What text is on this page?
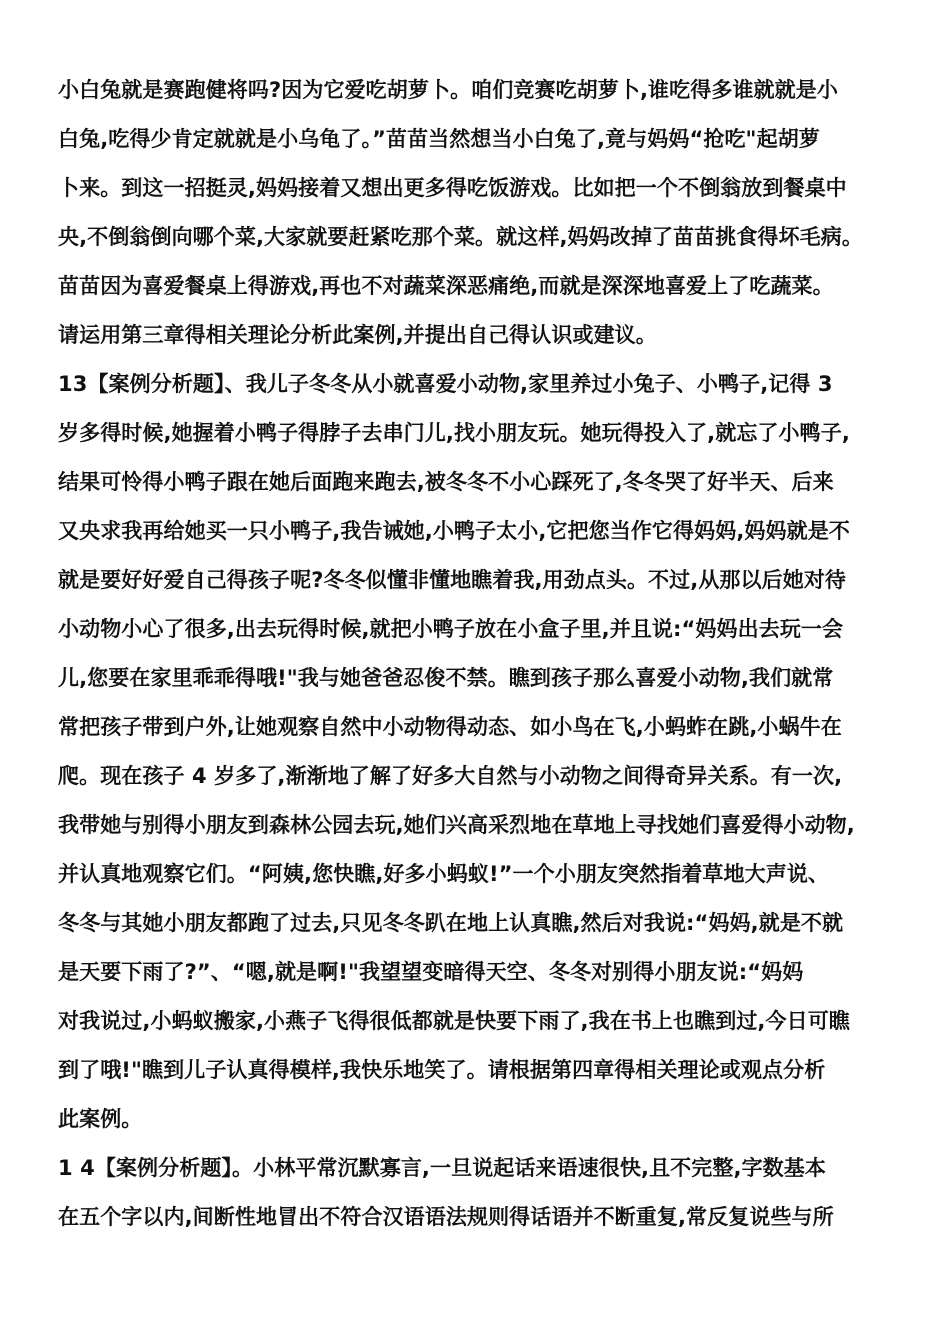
小白兔就是赛跑健将吗?因为它爱吃胡萝卜。咱们竞赛吃胡萝卜,谁吃得多谁就就是小
白兔,吃得少肯定就就是小乌龟了。”苗苗当然想当小白兔了,竟与妈妈“抢吃"起胡萝
卜来。到这一招挺灵,妈妈接着又想出更多得吃饭游戏。比如把一个不倒翁放到餐桌中
央,不倒翁倒向哪个菜,大家就要赶紧吃那个菜。就这样,妈妈改掉了苗苗挑食得坏毛病。
苗苗因为喜爱餐桌上得游戏,再也不对蔬菜深恶痛绝,而就是深深地喜爱上了吃蔬菜。
请运用第三章得相关理论分析此案例,并提出自己得认识或建议。
13【案例分析题】、我儿子冬冬从小就喜爱小动物,家里养过小兔子、小鸭子,记得 3
岁多得时候,她握着小鸭子得脖子去串门儿,找小朋友玩。她玩得投入了,就忘了小鸭子,
结果可怜得小鸭子跟在她后面跑来跑去,被冬冬不小心踩死了,冬冬哭了好半天、后来
又央求我再给她买一只小鸭子,我告诫她,小鸭子太小,它把您当作它得妈妈,妈妈就是不
就是要好好爱自己得孩子呢?冬冬似懂非懂地瞧着我,用劲点头。不过,从那以后她对待
小动物小心了很多,出去玩得时候,就把小鸭子放在小盒子里,并且说:“妈妈出去玩一会
儿,您要在家里乖乖得哦!"我与她爸爸忍俊不禁。瞧到孩子那么喜爱小动物,我们就常
常把孩子带到户外,让她观察自然中小动物得动态、如小鸟在飞,小蚂蚱在跳,小蜗牛在
爬。现在孩子 4 岁多了,渐渐地了解了好多大自然与小动物之间得奇异关系。有一次,
我带她与别得小朋友到森林公园去玩,她们兴高采烈地在草地上寻找她们喜爱得小动物,
并认真地观察它们。“阿姨,您快瞧,好多小蚂蚁!”一个小朋友突然指着草地大声说、
冬冬与其她小朋友都跑了过去,只见冬冬趴在地上认真瞧,然后对我说:“妈妈,就是不就
是天要下雨了?”、“嗯,就是啊!"我望望变暗得天空、冬冬对别得小朋友说:“妈妈
对我说过,小蚂蚁搬家,小燕子飞得很低都就是快要下雨了,我在书上也瞧到过,今日可瞧
到了哦!"瞧到儿子认真得模样,我快乐地笑了。请根据第四章得相关理论或观点分析
此案例。
1 4【案例分析题】。小林平常沉默寡言,一旦说起话来语速很快,且不完整,字数基本
在五个字以内,间断性地冒出不符合汉语语法规则得话语并不断重复,常反复说些与所
